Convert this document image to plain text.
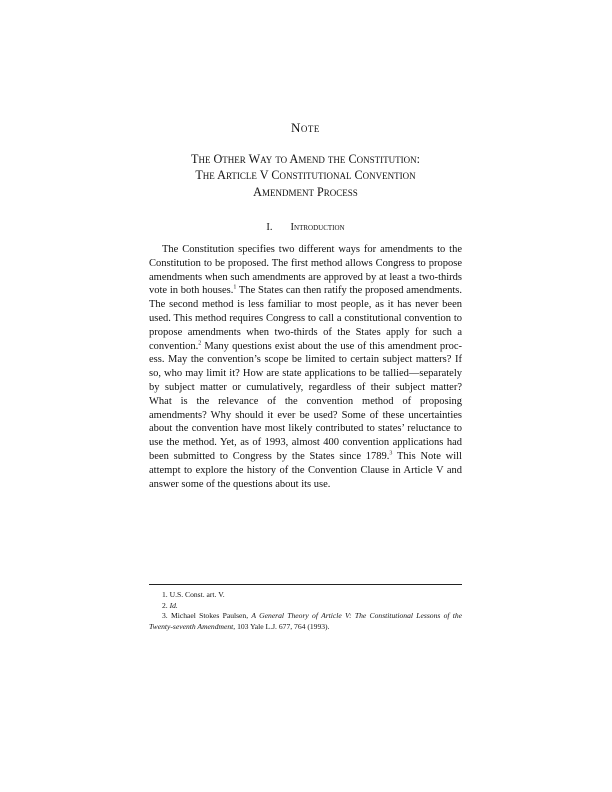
Note
The Other Way to Amend the Constitution:
The Article V Constitutional Convention
Amendment Process
I. Introduction

The Constitution specifies two different ways for amendments to the Constitution to be proposed. The first method allows Congress to propose amendments when such amendments are approved by at least a two-thirds vote in both houses.$^1$ The States can then ratify the proposed amendments. The second method is less familiar to most people, as it has never been used. This method requires Congress to call a constitutional convention to propose amendments when two-thirds of the States apply for such a convention.$^2$ Many questions exist about the use of this amendment process. May the convention’s scope be limited to certain subject matters? If so, who may limit it? How are state applications to be tallied—separately by subject matter or cumulatively, regardless of their subject matter? What is the relevance of the convention method of proposing amendments? Why should it ever be used? Some of these uncertainties about the convention have most likely contributed to states’ reluctance to use the method. Yet, as of 1993, almost 400 convention applications had been submitted to Congress by the States since 1789.$^3$ This Note will attempt to explore the history of the Convention Clause in Article V and answer some of the questions about its use.

1. U.S. Const. art. V.

2. Id.

3. Michael Stokes Paulsen, A General Theory of Article V: The Constitutional Lessons of the Twenty-seventh Amendment, 103 Yale L.J. 677, 764 (1993).
